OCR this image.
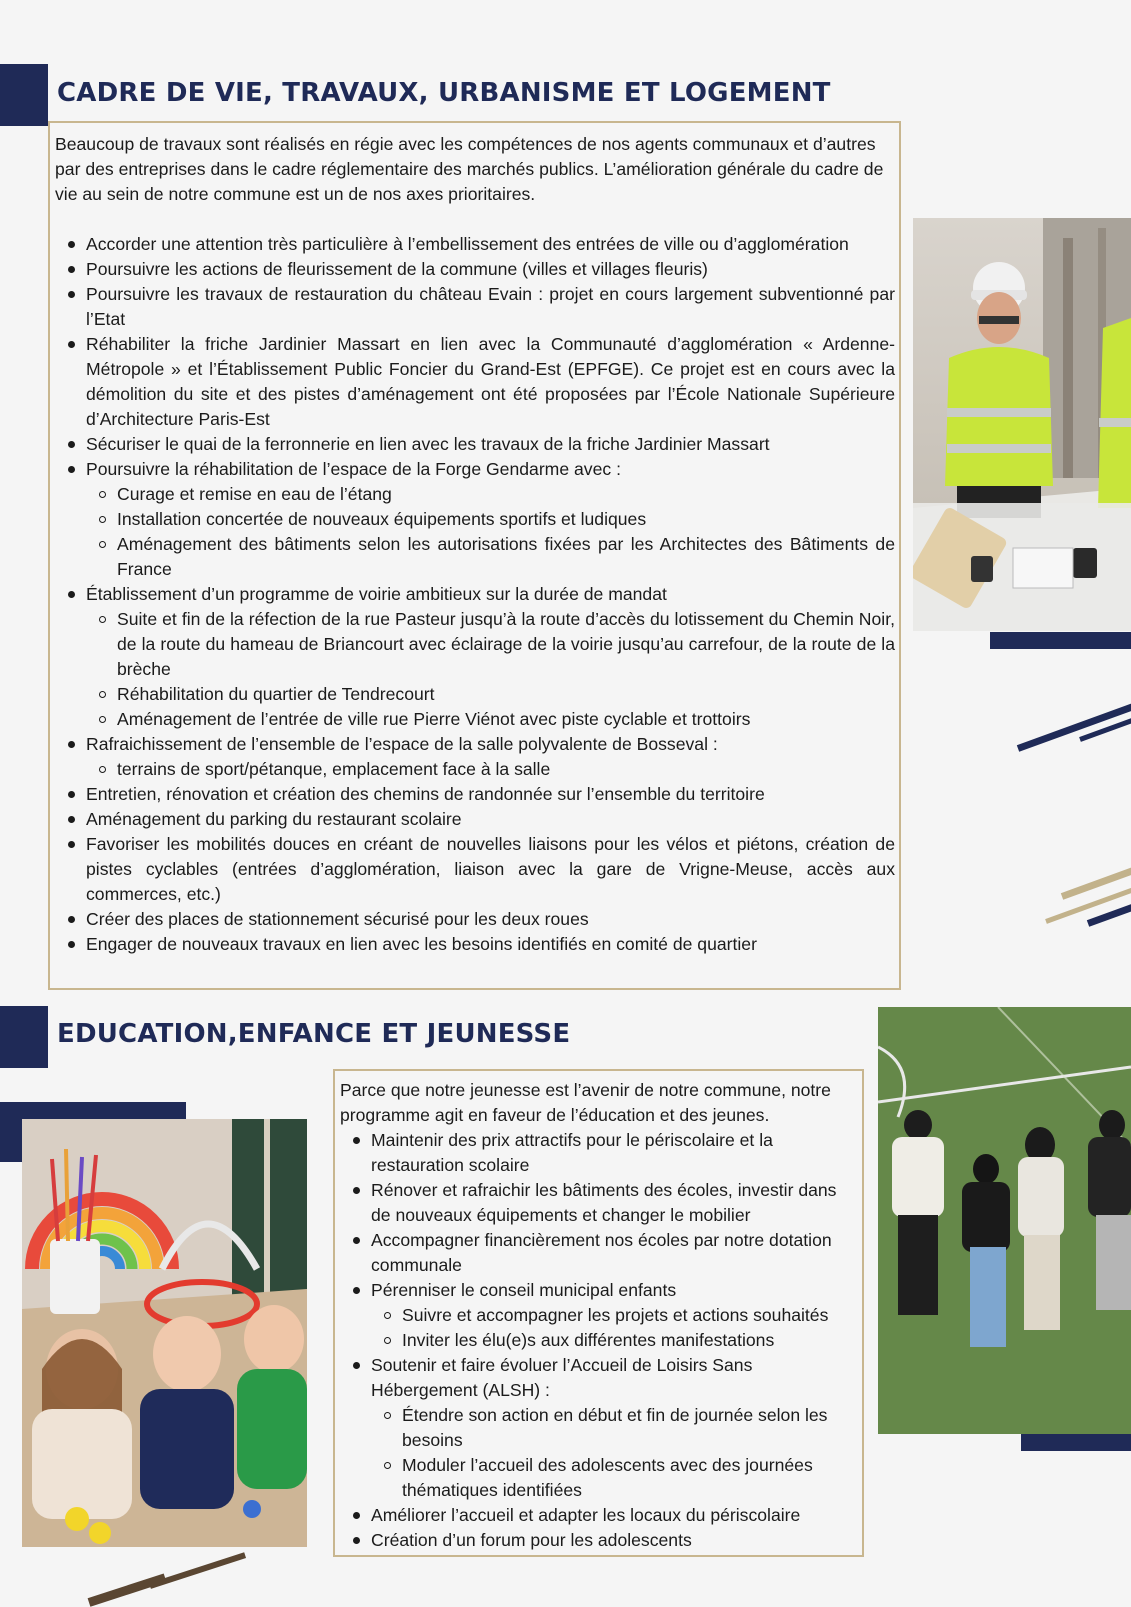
CADRE DE VIE, TRAVAUX, URBANISME ET LOGEMENT

Beaucoup de travaux sont réalisés en régie avec les compétences de nos agents communaux et d’autres par des entreprises dans le cadre réglementaire des marchés publics. L’amélioration générale du cadre de vie au sein de notre commune est un de nos axes prioritaires.

Accorder une attention très particulière à l’embellissement des entrées de ville ou d’agglomération
Poursuivre les actions de fleurissement de la commune (villes et villages fleuris)
Poursuivre les travaux de restauration du château Evain : projet en cours largement subventionné par l’Etat
Réhabiliter la friche Jardinier Massart en lien avec la Communauté d’agglomération « Ardenne-Métropole » et l’Établissement Public Foncier du Grand-Est (EPFGE). Ce projet est en cours avec la démolition du site et des pistes d’aménagement ont été proposées par l’École Nationale Supérieure d’Architecture Paris-Est
Sécuriser le quai de la ferronnerie en lien avec les travaux de la friche Jardinier Massart
Poursuivre la réhabilitation de l’espace de la Forge Gendarme avec :
Curage et remise en eau de l’étang
Installation concertée de nouveaux équipements sportifs et ludiques
Aménagement des bâtiments selon les autorisations fixées par les Architectes des Bâtiments de France
Établissement d’un programme de voirie ambitieux sur la durée de mandat
Suite et fin de la réfection de la rue Pasteur jusqu’à la route d’accès du lotissement du Chemin Noir, de la route du hameau de Briancourt avec éclairage de la voirie jusqu’au carrefour, de la route de la brèche
Réhabilitation du quartier de Tendrecourt
Aménagement de l’entrée de ville rue Pierre Viénot avec piste cyclable et trottoirs
Rafraichissement de l’ensemble de l’espace de la salle polyvalente de Bosseval :
terrains de sport/pétanque, emplacement face à la salle
Entretien, rénovation et création des chemins de randonnée sur l’ensemble du territoire
Aménagement du parking du restaurant scolaire
Favoriser les mobilités douces en créant de nouvelles liaisons pour les vélos et piétons, création de pistes cyclables (entrées d’agglomération, liaison avec la gare de Vrigne-Meuse, accès aux commerces, etc.)
Créer des places de stationnement sécurisé pour les deux roues
Engager de nouveaux travaux en lien avec les besoins identifiés en comité de quartier
EDUCATION,ENFANCE ET JEUNESSE

Parce que notre jeunesse est l’avenir de notre commune, notre programme agit en faveur de l’éducation et des jeunes.

Maintenir des prix attractifs pour le périscolaire et la restauration scolaire
Rénover et rafraichir les bâtiments des écoles, investir dans de nouveaux équipements et changer le mobilier
Accompagner financièrement nos écoles par notre dotation communale
Pérenniser le conseil municipal enfants
Suivre et accompagner les projets et actions souhaités
Inviter les élu(e)s aux différentes manifestations
Soutenir et faire évoluer l’Accueil de Loisirs Sans Hébergement (ALSH) :
Étendre son action en début et fin de journée selon les besoins
Moduler l’accueil des adolescents avec des journées thématiques identifiées
Améliorer l’accueil et adapter les locaux du périscolaire
Création d’un forum pour les adolescents
